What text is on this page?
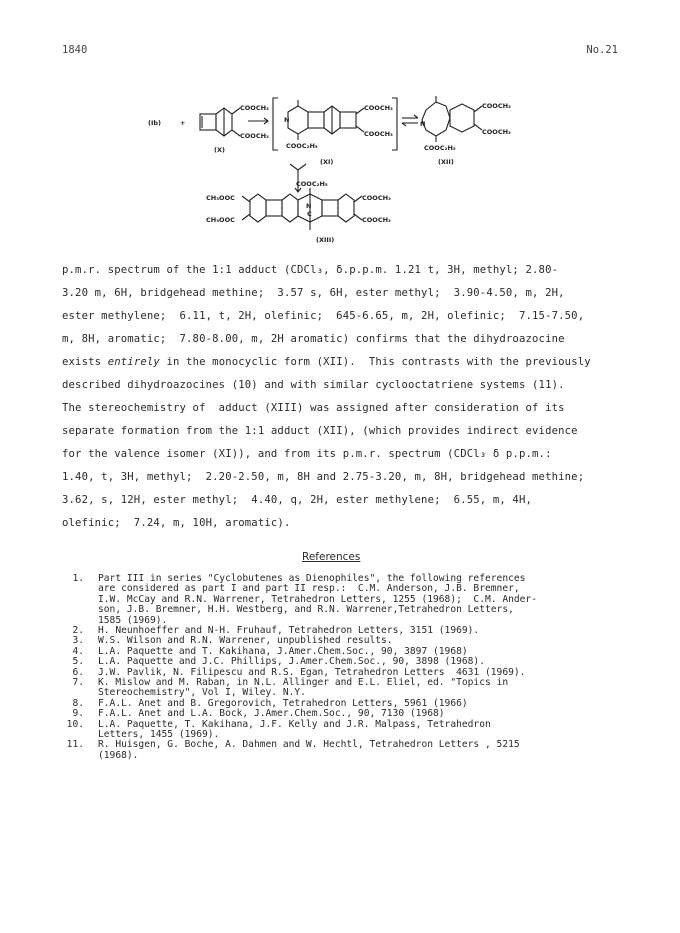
1840	No.21
(Ib)	+
COOCH₃
COOCH₃
(X)
N
COOCH₃
COOCH₃
COOC₂H₅
(XI)
N
COOCH₃
COOCH₃
COOC₂H₅
(XII)
COOC₂H₅
N
C
CH₃OOC
CH₃OOC
COOCH₃
COOCH₃
(XIII)
p.m.r. spectrum of the 1:1 adduct (CDCl₃, δ.p.p.m. 1.21 t, 3H, methyl; 2.80-
3.20 m, 6H, bridgehead methine;  3.57 s, 6H, ester methyl;  3.90-4.50, m, 2H,
ester methylene;  6.11, t, 2H, olefinic;  645-6.65, m, 2H, olefinic;  7.15-7.50,
m, 8H, aromatic;  7.80-8.00, m, 2H aromatic) confirms that the dihydroazocine
exists entirely in the monocyclic form (XII).  This contrasts with the previously
described dihydroazocines (10) and with similar cyclooctatriene systems (11).
The stereochemistry of  adduct (XIII) was assigned after consideration of its
separate formation from the 1:1 adduct (XII), (which provides indirect evidence
for the valence isomer (XI)), and from its p.m.r. spectrum (CDCl₃ δ p.p.m.:
1.40, t, 3H, methyl;  2.20-2.50, m, 8H and 2.75-3.20, m, 8H, bridgehead methine;
3.62, s, 12H, ester methyl;  4.40, q, 2H, ester methylene;  6.55, m, 4H,
olefinic;  7.24, m, 10H, aromatic).
References
1. Part III in series "Cyclobutenes as Dienophiles", the following references
are considered as part I and part II resp.:  C.M. Anderson, J.B. Bremner,
I.W. McCay and R.N. Warrener, Tetrahedron Letters, 1255 (1968);  C.M. Ander-
son, J.B. Bremner, H.H. Westberg, and R.N. Warrener,Tetrahedron Letters,
1585 (1969).
2. H. Neunhoeffer and N-H. Fruhauf, Tetrahedron Letters, 3151 (1969).
3. W.S. Wilson and R.N. Warrener, unpublished results.
4. L.A. Paquette and T. Kakihana, J.Amer.Chem.Soc., 90, 3897 (1968)
5. L.A. Paquette and J.C. Phillips, J.Amer.Chem.Soc., 90, 3898 (1968).
6. J.W. Pavlik, N. Filipescu and R.S. Egan, Tetrahedron Letters  4631 (1969).
7. K. Mislow and M. Raban, in N.L. Allinger and E.L. Eliel, ed. "Topics in
Stereochemistry", Vol I, Wiley. N.Y.
8. F.A.L. Anet and B. Gregorovich, Tetrahedron Letters, 5961 (1966)
9. F.A.L. Anet and L.A. Bock, J.Amer.Chem.Soc., 90, 7130 (1968)
10. L.A. Paquette, T. Kakihana, J.F. Kelly and J.R. Malpass, Tetrahedron
Letters, 1455 (1969).
11. R. Huisgen, G. Boche, A. Dahmen and W. Hechtl, Tetrahedron Letters , 5215
(1968).
